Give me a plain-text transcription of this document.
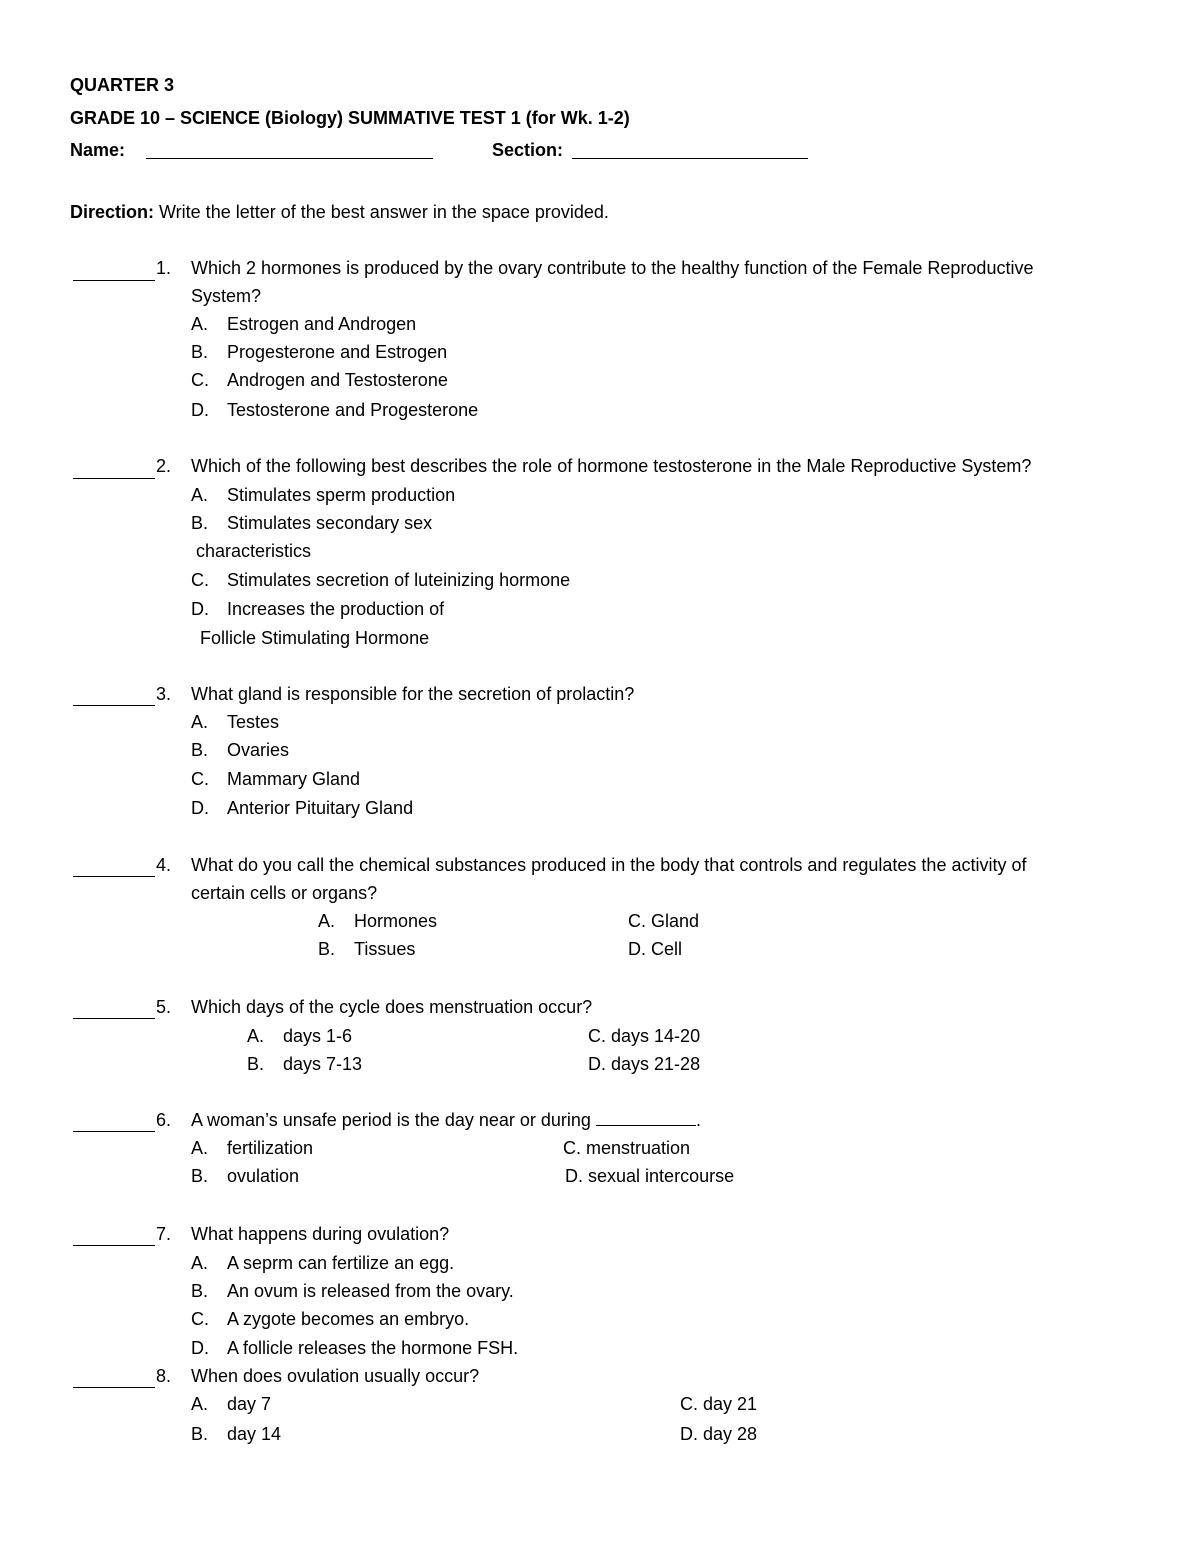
QUARTER 3
GRADE 10 – SCIENCE (Biology) SUMMATIVE TEST 1 (for Wk. 1-2)
Name:	Section:
Direction: Write the letter of the best answer in the space provided.
1. Which 2 hormones is produced by the ovary contribute to the healthy function of the Female Reproductive
System?
A. Estrogen and Androgen
B. Progesterone and Estrogen
C. Androgen and Testosterone
D. Testosterone and Progesterone
2. Which of the following best describes the role of hormone testosterone in the Male Reproductive System?
A. Stimulates sperm production
B. Stimulates secondary sex
characteristics
C. Stimulates secretion of luteinizing hormone
D. Increases the production of
Follicle Stimulating Hormone
3. What gland is responsible for the secretion of prolactin?
A. Testes
B. Ovaries
C. Mammary Gland
D. Anterior Pituitary Gland
4. What do you call the chemical substances produced in the body that controls and regulates the activity of
certain cells or organs?
A. Hormones
B. Tissues
C. Gland
D. Cell
5. Which days of the cycle does menstruation occur?
A. days 1-6
B. days 7-13
C. days 14-20
D. days 21-28
6. A woman’s unsafe period is the day near or during	.
A. fertilization
B. ovulation
C. menstruation
D. sexual intercourse
7. What happens during ovulation?
A. A seprm can fertilize an egg.
B. An ovum is released from the ovary.
C. A zygote becomes an embryo.
D. A follicle releases the hormone FSH.
8. When does ovulation usually occur?
A. day 7
B. day 14
C. day 21
D. day 28
